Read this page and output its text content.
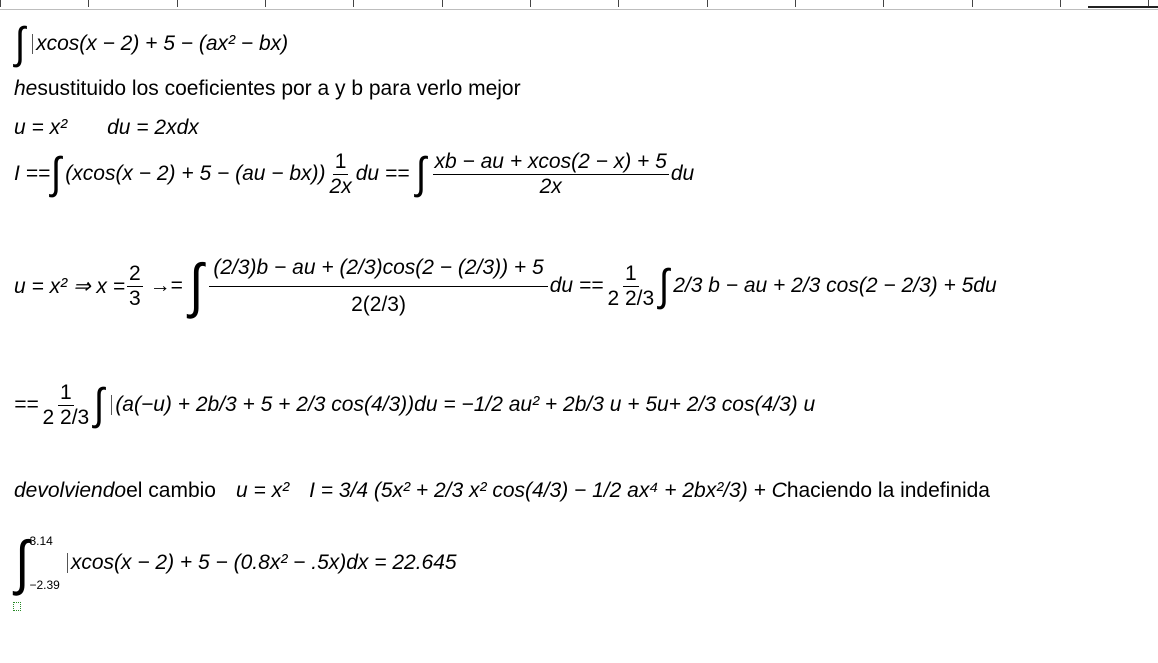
∫ xcos(x − 2) + 5 − (ax² − bx)
he sustituido los coeficientes por a y b para verlo mejor
u = x² du = 2xdx
I == ∫ $(xcos(x - 2) + 5 - (au - bx)) \frac{1}{2x}$ du == ∫ $\frac{xb - au + xcos(2 - x) + 5}{2x}$ du
u = x² ⇒ $x = \frac{2}{3}$ →= ∫ $\frac{(2/3)b - au + (2/3)\cos(2 - (2/3)) + 5}{2(2/3)}$ du == $\frac{1}{2 2/3}$ ∫ 2/3 b − au + 2/3 cos(2 − 2/3) + 5du
== $\frac{1}{2 2/3}$ ∫ (a(−u) + 2b/3 + 5 + 2/3 cos(4/3))du = −1/2 au² + 2b/3 u + 5u+ 2/3 cos(4/3) u
devolviendo el cambio u = x² I = 3/4 (5x² + 2/3 x² cos(4/3) − 1/2 ax⁴ + 2bx²/3) + C haciendo la indefinida
∫ 3.14
−2.39
xcos(x − 2) + 5 − (0.8x² − .5x)dx = 22.645
